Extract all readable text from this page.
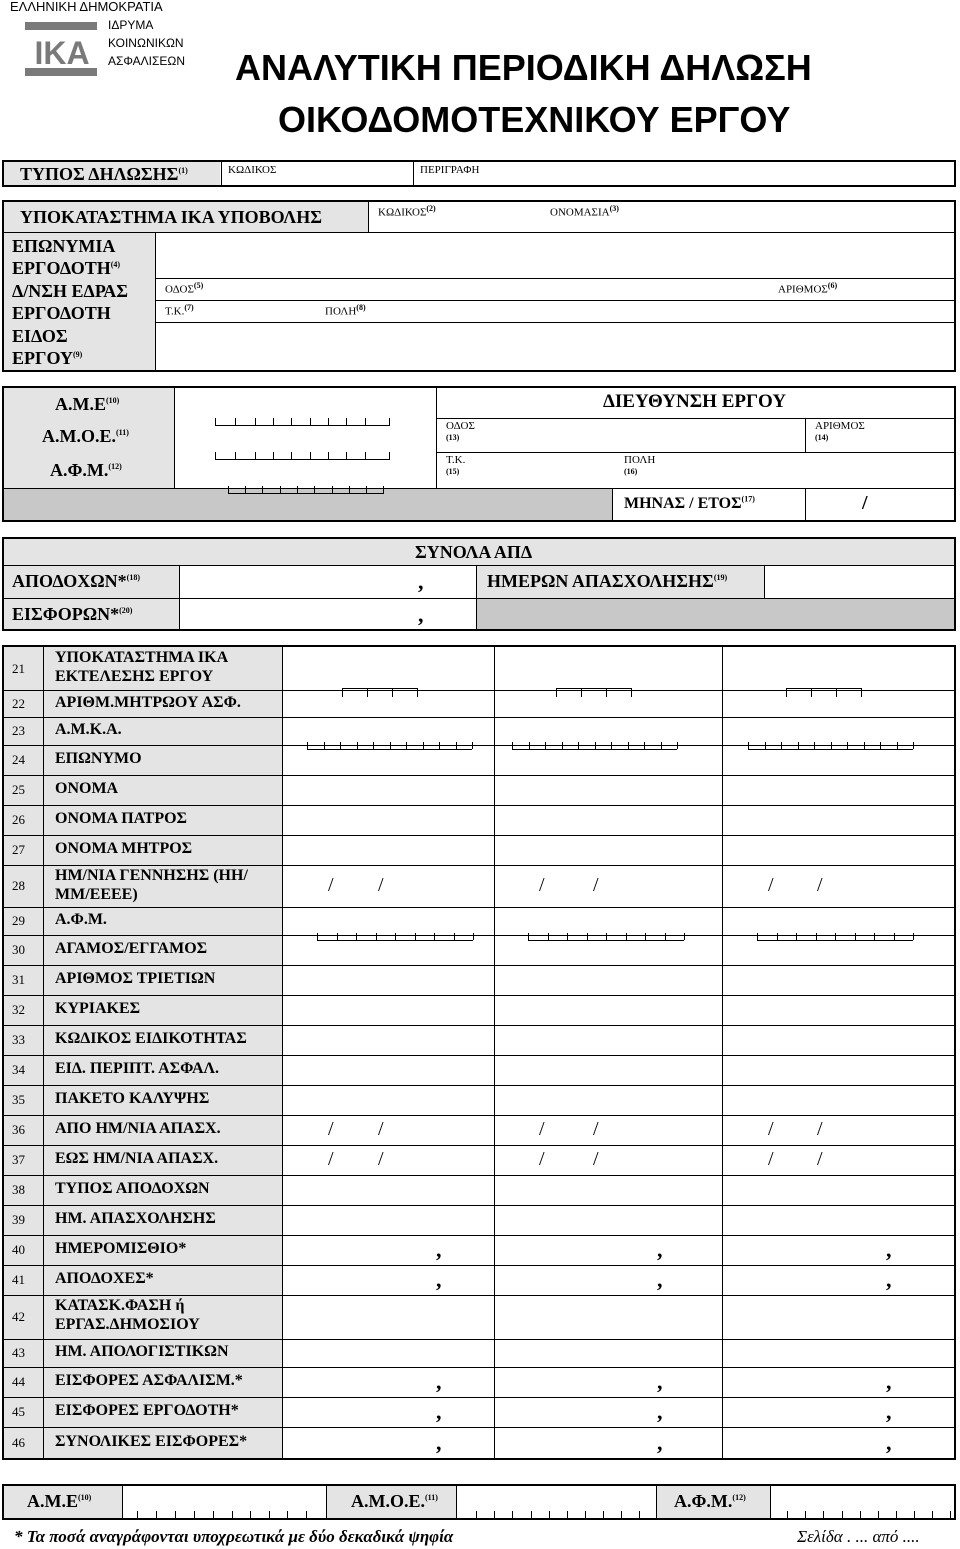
ΕΛΛΗΝΙΚΗ ΔΗΜΟΚΡΑΤΙΑ
ΙΚΑ
ΙΔΡΥΜΑ
ΚΟΙΝΩΝΙΚΩΝ
ΑΣΦΑΛΙΣΕΩΝ ΑΝΑΛΥΤΙΚΗ ΠΕΡΙΟΔΙΚΗ ΔΗΛΩΣΗ
ΟΙΚΟΔΟΜΟΤΕΧΝΙΚΟΥ ΕΡΓΟΥ
ΤΥΠΟΣ ΔΗΛΩΣΗΣ$^{(1)}$	ΚΩΔΙΚΟΣ	ΠΕΡΙΓΡΑΦΗ
ΥΠΟΚΑΤΑΣΤΗΜΑ ΙΚΑ ΥΠΟΒΟΛΗΣ	ΚΩΔΙΚΟΣ$^{(2)}$	ΟΝΟΜΑΣΙΑ$^{(3)}$
ΕΠΩΝΥΜΙΑ
ΕΡΓΟΔΟΤΗ$^{(4)}$
Δ/ΝΣΗ ΕΔΡΑΣ
ΕΡΓΟΔΟΤΗ
ΟΔΟΣ$^{(5)}$	ΑΡΙΘΜΟΣ$^{(6)}$
Τ.Κ.$^{(7)}$	ΠΟΛΗ$^{(8)}$
ΕΙΔΟΣ
ΕΡΓΟΥ$^{(9)}$
$A.M.E^{(10)}$
Α.Μ.Ο.Ε.$^{(11)}$
Α.Φ.Μ.$^{(12)}$
ΔΙΕΥΘΥΝΣΗ ΕΡΓΟΥ
ΟΔΟΣ
(13)
ΑΡΙΘΜΟΣ
(14)
Τ.Κ.
(15)
ΠΟΛΗ
(16)
ΜΗΝΑΣ / ΕΤΟΣ$^{(17)}$	/
ΣΥΝΟΛΑ ΑΠΔ
ΑΠΟΔΟΧΩΝ*$^{(18)}$	,	ΗΜΕΡΩΝ ΑΠΑΣΧΟΛΗΣΗΣ$^{(19)}$
ΕΙΣΦΟΡΩΝ*$^{(20)}$	,
21
ΥΠΟΚΑΤΑΣΤΗΜΑ ΙΚΑ
ΕΚΤΕΛΕΣΗΣ ΕΡΓΟΥ
22 ΑΡΙΘΜ.ΜΗΤΡΩΟΥ ΑΣΦ.
23 Α.Μ.Κ.Α.
24 ΕΠΩΝΥΜΟ
25 ΟΝΟΜΑ
26 ΟΝΟΜΑ ΠΑΤΡΟΣ
27 ΟΝΟΜΑ ΜΗΤΡΟΣ
28
ΗΜ/ΝΙΑ ΓΕΝΝΗΣΗΣ (ΗΗ/
ΜΜ/ΕΕΕΕ)	/ /	/ /	/ /
29 Α.Φ.Μ.
30 ΑΓΑΜΟΣ/ΕΓΓΑΜΟΣ
31 ΑΡΙΘΜΟΣ ΤΡΙΕΤΙΩΝ
32 ΚΥΡΙΑΚΕΣ
33 ΚΩΔΙΚΟΣ ΕΙΔΙΚΟΤΗΤΑΣ
34 ΕΙΔ. ΠΕΡΙΠΤ. ΑΣΦΑΛ.
35 ΠΑΚΕΤΟ ΚΑΛΥΨΗΣ
36 ΑΠΟ ΗΜ/ΝΙΑ ΑΠΑΣΧ.	/ /	/ /	/ /
37 ΕΩΣ ΗΜ/ΝΙΑ ΑΠΑΣΧ.	/ /	/ /	/ /
38 ΤΥΠΟΣ ΑΠΟΔΟΧΩΝ
39 ΗΜ. ΑΠΑΣΧΟΛΗΣΗΣ
40 ΗΜΕΡΟΜΙΣΘΙΟ*	,	,	,
41 ΑΠΟΔΟΧΕΣ*	,	,	,
42
ΚΑΤΑΣΚ.ΦΑΣΗ ή
ΕΡΓΑΣ.ΔΗΜΟΣΙΟΥ
43 ΗΜ. ΑΠΟΛΟΓΙΣΤΙΚΩΝ
44 ΕΙΣΦΟΡΕΣ ΑΣΦΑΛΙΣΜ.*	,	,	,
45 ΕΙΣΦΟΡΕΣ ΕΡΓΟΔΟΤΗ*	,	,	,
46 ΣΥΝΟΛΙΚΕΣ ΕΙΣΦΟΡΕΣ*	,	,	,
$A.M.E^{(10)}$	Α.Μ.Ο.Ε.$^{(11)}$	Α.Φ.Μ.$^{(12)}$
* Τα ποσά αναγράφονται υποχρεωτικά με δύο δεκαδικά ψηφία	Σελίδα . ... από ....
